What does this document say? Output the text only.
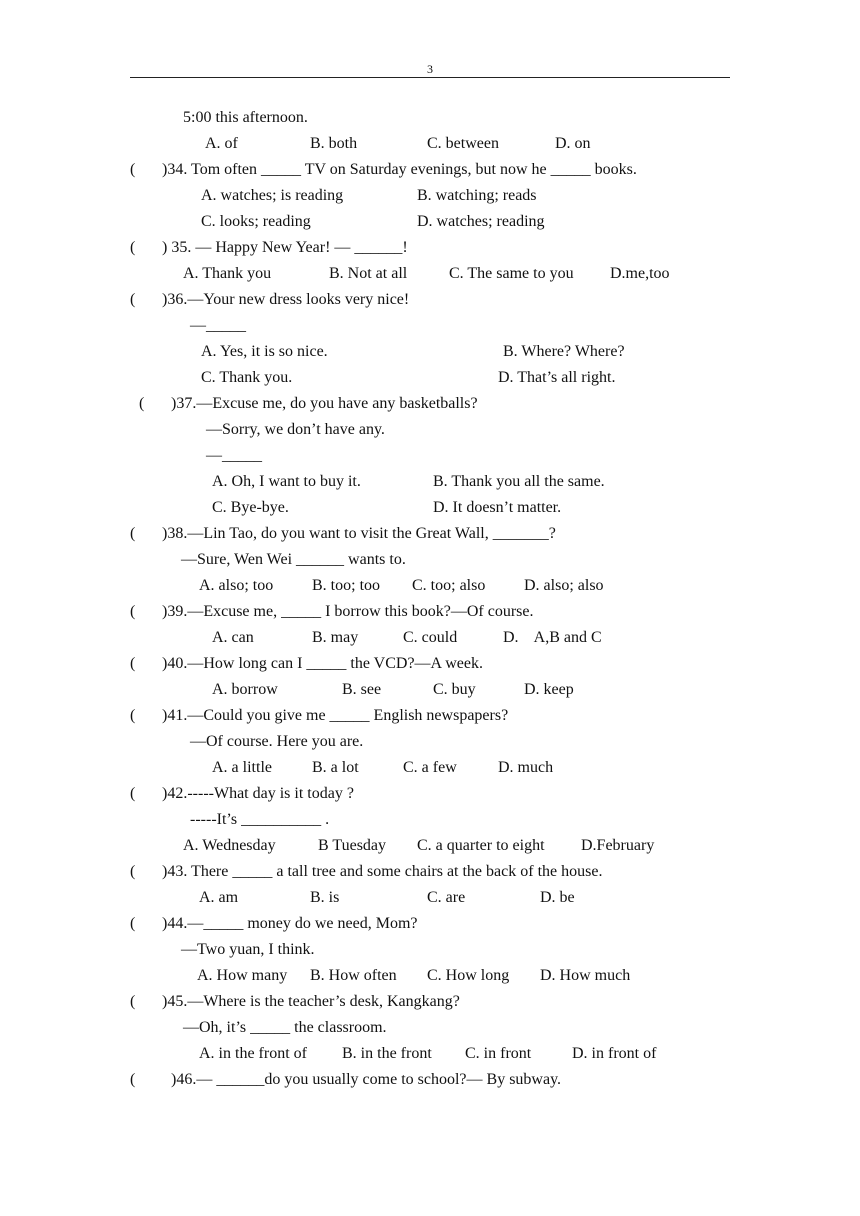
3
5:00 this afternoon.
A. of	B. both	C. between	D. on
( )34. Tom often _____ TV on Saturday evenings, but now he _____ books.
A. watches; is reading	B. watching; reads
C. looks; reading	D. watches; reading
( ) 35. — Happy New Year! — ______!
A. Thank you	B. Not at all	C. The same to you D.me,too
( )36.—Your new dress looks very nice!
—_____
A. Yes, it is so nice.	B. Where? Where?
C. Thank you.	D. That’s all right.
( )37.—Excuse me, do you have any basketballs?
—Sorry, we don’t have any.
—_____
A. Oh, I want to buy it.	B. Thank you all the same.
C. Bye-bye.	D. It doesn’t matter.
( )38.—Lin Tao, do you want to visit the Great Wall, _______?
—Sure, Wen Wei ______ wants to.
A. also; too B. too; too C. too; also D. also; also
( )39.—Excuse me, _____ I borrow this book?—Of course.
A. can	B. may	C. could	D.    A,B and C
( )40.—How long can I _____ the VCD?—A week.
A. borrow	B. see	C. buy	D. keep
( )41.—Could you give me _____ English newspapers?
—Of course. Here you are.
A. a little	B. a lot	C. a few	D. much
( )42.-----What day is it today ?
-----It’s __________ .
A. Wednesday	B Tuesday C. a quarter to eight D.February
( )43. There _____ a tall tree and some chairs at the back of the house.
A. am	B. is	C. are	D. be
( )44.—_____ money do we need, Mom?
—Two yuan, I think.
A. How many B. How often C. How long D. How much
( )45.—Where is the teacher’s desk, Kangkang?
—Oh, it’s _____ the classroom.
A. in the front of B. in the front C. in front	D. in front of
( )46.— ______do you usually come to school?— By subway.
